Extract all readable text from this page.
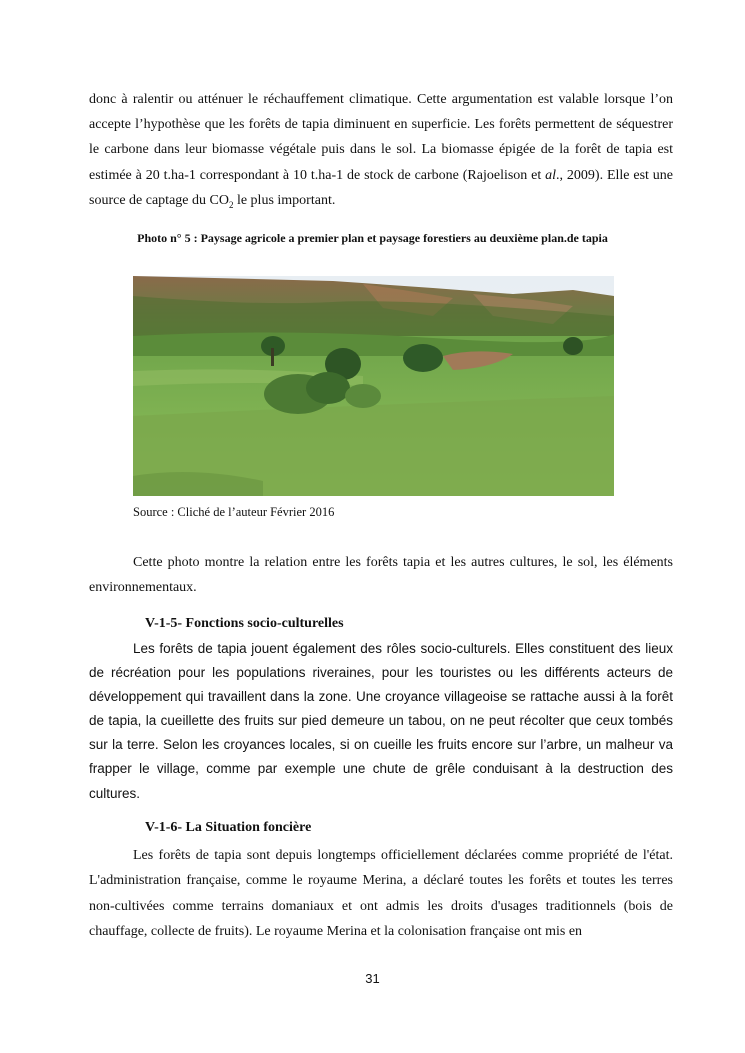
donc à ralentir ou atténuer le réchauffement climatique. Cette argumentation est valable lorsque l’on accepte l’hypothèse que les forêts de tapia diminuent en superficie. Les forêts permettent de séquestrer le carbone dans leur biomasse végétale puis dans le sol. La biomasse épigée de la forêt de tapia est estimée à 20 t.ha-1 correspondant à 10 t.ha-1 de stock de carbone (Rajoelison et al., 2009). Elle est une source de captage du $CO_2$ le plus important.
Photo n° 5 : Paysage agricole a premier plan et paysage forestiers au deuxième plan.de tapia
Source : Cliché de l’auteur Février 2016
Cette photo montre la relation entre les forêts tapia et les autres cultures, le sol, les éléments environnementaux.
V-1-5- Fonctions socio-culturelles
Les forêts de tapia jouent également des rôles socio-culturels. Elles constituent des lieux de récréation pour les populations riveraines, pour les touristes ou les différents acteurs de développement qui travaillent dans la zone. Une croyance villageoise se rattache aussi à la forêt de tapia, la cueillette des fruits sur pied demeure un tabou, on ne peut récolter que ceux tombés sur la terre. Selon les croyances locales, si on cueille les fruits encore sur l’arbre, un malheur va frapper le village, comme par exemple une chute de grêle conduisant à la destruction des cultures.
V-1-6- La Situation foncière
Les forêts de tapia sont depuis longtemps officiellement déclarées comme propriété de l'état. L'administration française, comme le royaume Merina, a déclaré toutes les forêts et toutes les terres non-cultivées comme terrains domaniaux et ont admis les droits d'usages traditionnels (bois de chauffage, collecte de fruits). Le royaume Merina et la colonisation française ont mis en
31
